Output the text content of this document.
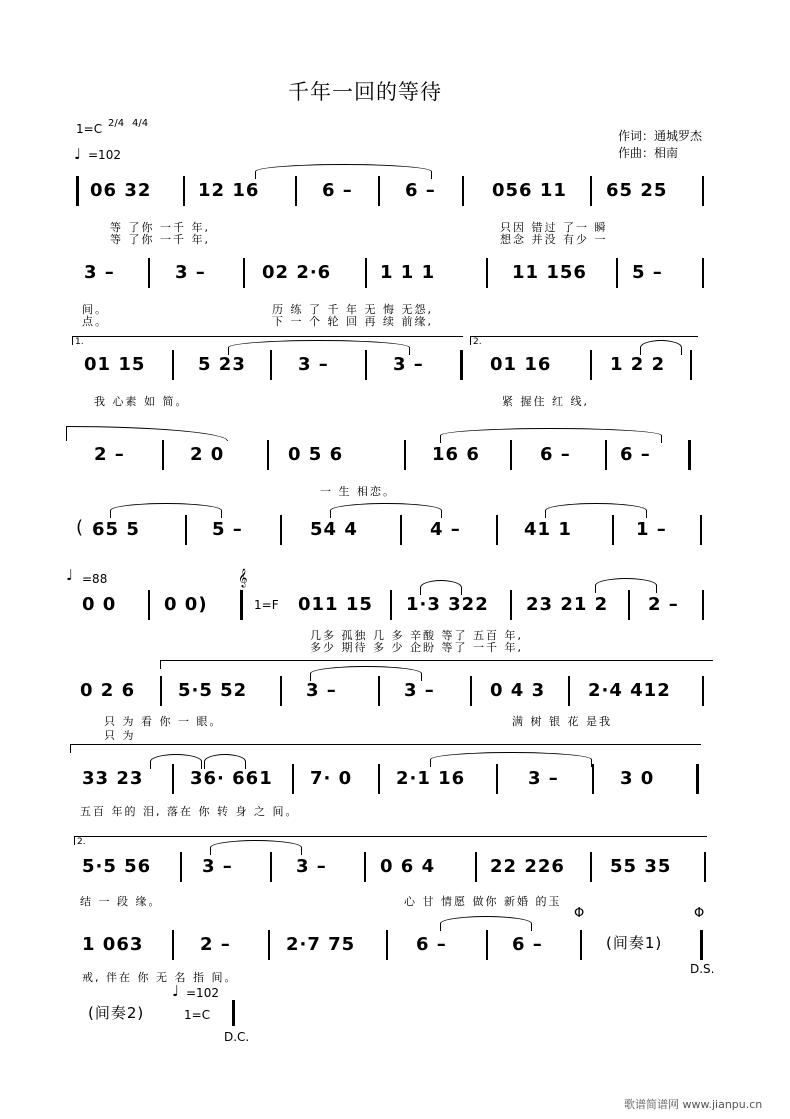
千年一回的等待
作词：通城罗杰
作曲：相南
1=C 2/4 4/4
♩ =102
06 32	12 16	6 –	6 –	056 11 65 25
等 了你 一千 年,	只因 错过 了一 瞬
等 了你 一千 年,	想念 并没 有少 一
3 –	3 –	02 2·6	1 1 1	11 156	5 –
间。	历 练 了 千 年 无 悔 无怨,
点。	下 一 个 轮 回 再 续 前缘,
1.	2.
01 15	5 23	3 –	3 –	01 16	1 2 2
我 心素 如 简。	紧 握住 红 线,
2 –	2 0	0 5 6	16 6	6 –	6 –
一 生 相恋。
( 65 5	5 –	54 4	4 –	41 1	1 –
♩ =88
0 0	0 0)
𝄞
1=F 011 15 1·3 322 23 21 2 2 –
几多 孤独 几 多 辛酸 等了 五百 年,
多少 期待 多 少 企盼 等了 一千 年,
0 2 6 5·5 52	3 –	3 –	0 4 3 2·4 412
只 为 看 你 一 眼。	满 树 银 花 是我
只 为
33 23	36· 661 7· 0 2·1 16	3 –	3 0
五百 年的 泪, 落在 你 转 身 之 间。
2.
5·5 56	3 –	3 –	0 6 4	22 226	55 35
结 一 段 缘。	心 甘 情愿 做你 新婚 的玉
1 063	2 –	2·7 75	6 –	6 –	(间奏1)
Φ	Φ
D.S.
戒, 伴在 你 无 名 指 间。
(间奏2)
♩ =102
1=C
D.C.
歌谱简谱网 www.jianpu.cn
